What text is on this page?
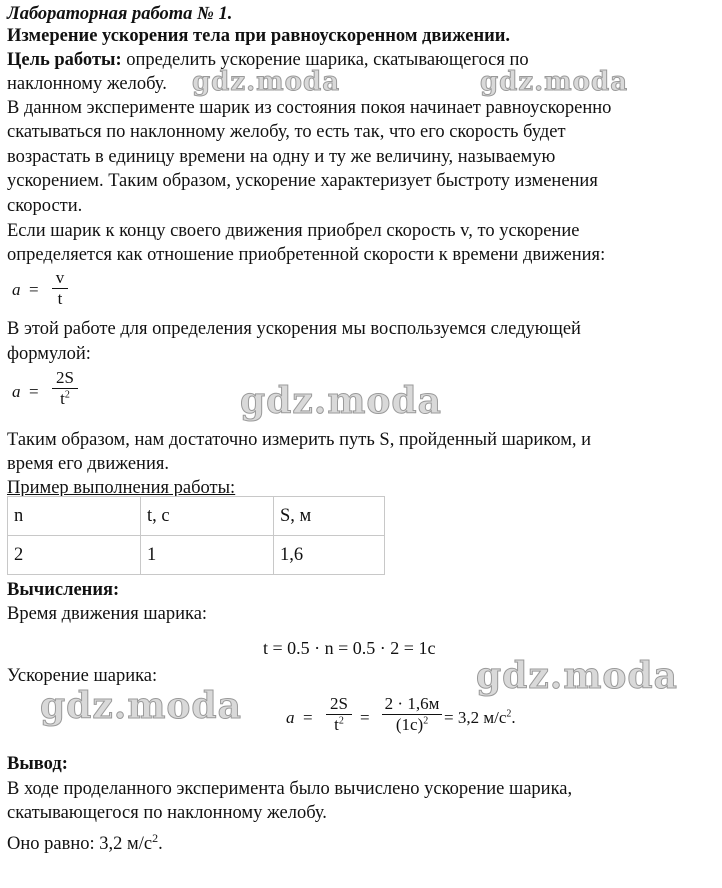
Лабораторная работа № 1.
Измерение ускорения тела при равноускоренном движении.
Цель работы: определить ускорение шарика, скатывающегося по
наклонному желобу.
В данном эксперименте шарик из состояния покоя начинает равноускоренно
скатываться по наклонному желобу, то есть так, что его скорость будет
возрастать в единицу времени на одну и ту же величину, называемую
ускорением. Таким образом, ускорение характеризует быстроту изменения
скорости.
Если шарик к концу своего движения приобрел скорость v, то ускорение
определяется как отношение приобретенной скорости к времени движения:
$a = \frac{v}{t}$
В этой работе для определения ускорения мы воспользуемся следующей
формулой:
$a = \frac{2S}{t^2}$
Таким образом, нам достаточно измерить путь S, пройденный шариком, и
время его движения.
Пример выполнения работы:
n	t, с	S, м
2	1	1,6
Вычисления:
Время движения шарика:
t = 0.5 · n = 0.5 · 2 = 1с
Ускорение шарика:
a =
2S
$t^2$ =
2 · 1,6м
$(1с)^2 = 3,2$ $м/с^2$.
Вывод:
В ходе проделанного эксперимента было вычислено ускорение шарика,
скатывающегося по наклонному желобу.
Оно равно: 3,2 $м/с^2$.
gdz.moda	gdz.moda
gdz.moda
gdz.moda
gdz.moda
